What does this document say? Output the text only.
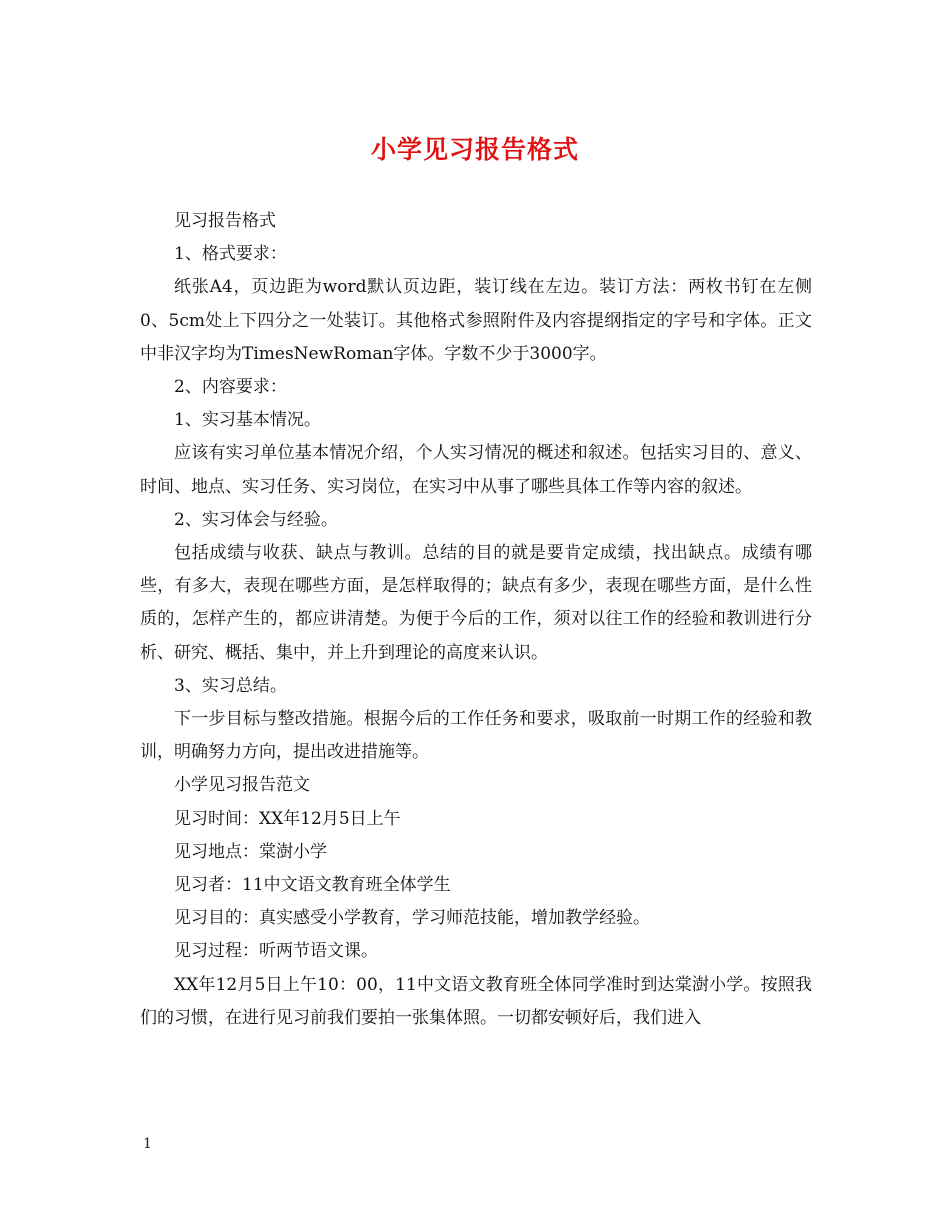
小学见习报告格式

见习报告格式

1、格式要求：

纸张A4，页边距为word默认页边距，装订线在左边。装订方法：两枚书钉在左侧0、5cm处上下四分之一处装订。其他格式参照附件及内容提纲指定的字号和字体。正文中非汉字均为TimesNewRoman字体。字数不少于3000字。

2、内容要求：

1、实习基本情况。

应该有实习单位基本情况介绍，个人实习情况的概述和叙述。包括实习目的、意义、时间、地点、实习任务、实习岗位，在实习中从事了哪些具体工作等内容的叙述。

2、实习体会与经验。

包括成绩与收获、缺点与教训。总结的目的就是要肯定成绩，找出缺点。成绩有哪些，有多大，表现在哪些方面，是怎样取得的；缺点有多少，表现在哪些方面，是什么性质的，怎样产生的，都应讲清楚。为便于今后的工作，须对以往工作的经验和教训进行分析、研究、概括、集中，并上升到理论的高度来认识。

3、实习总结。

下一步目标与整改措施。根据今后的工作任务和要求，吸取前一时期工作的经验和教训，明确努力方向，提出改进措施等。

小学见习报告范文

见习时间：XX年12月5日上午

见习地点：棠澍小学

见习者：11中文语文教育班全体学生

见习目的：真实感受小学教育，学习师范技能，增加教学经验。

见习过程：听两节语文课。

XX年12月5日上午10：00，11中文语文教育班全体同学准时到达棠澍小学。按照我们的习惯，在进行见习前我们要拍一张集体照。一切都安顿好后，我们进入

1
